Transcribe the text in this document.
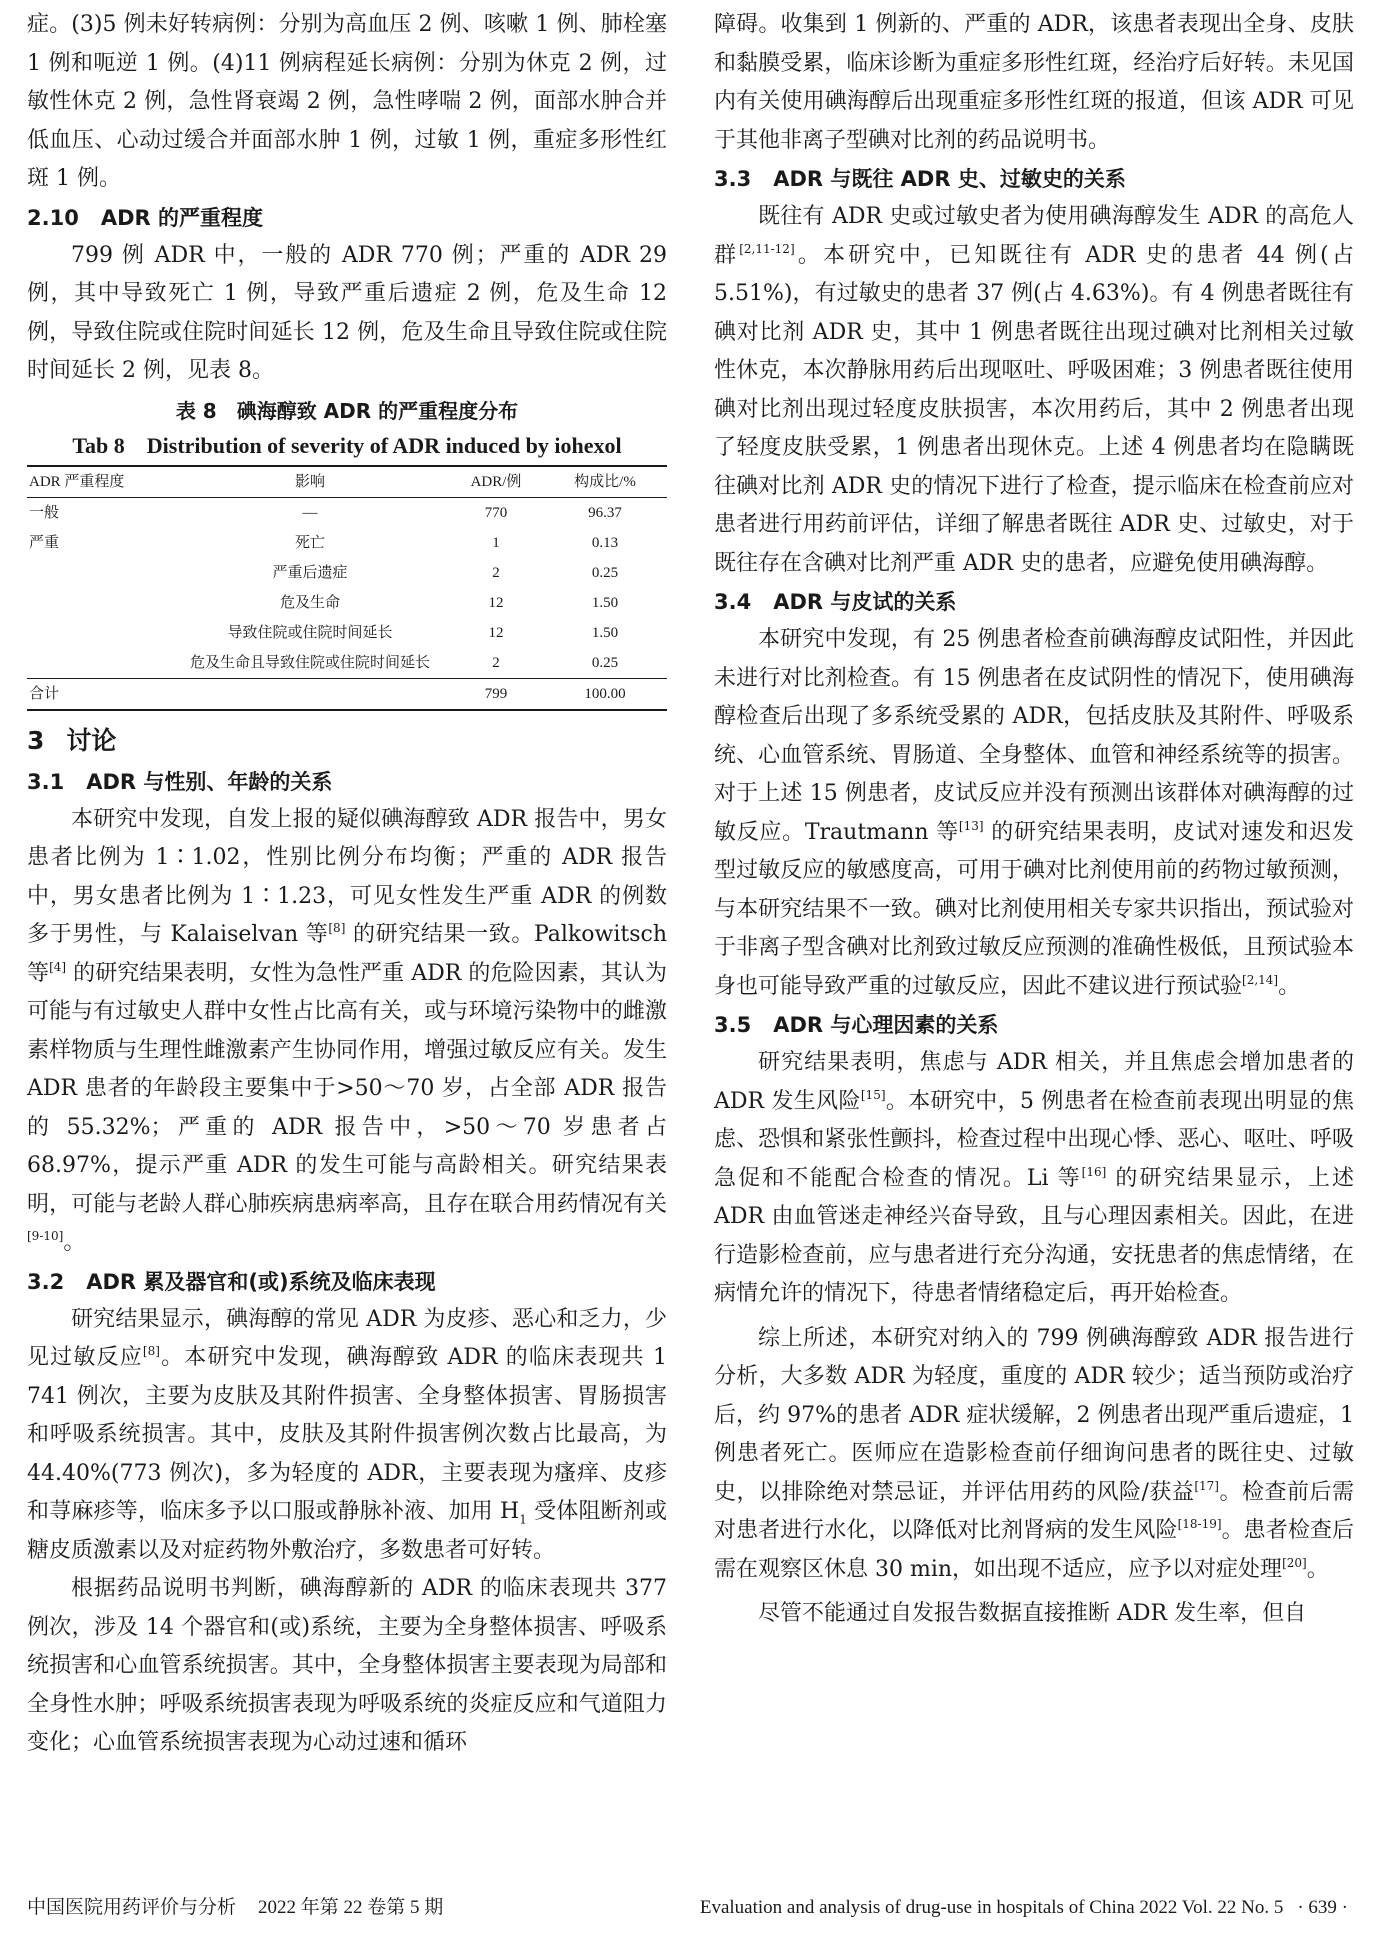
症。(3)5 例未好转病例：分别为高血压 2 例、咳嗽 1 例、肺栓塞 1 例和呃逆 1 例。(4)11 例病程延长病例：分别为休克 2 例，过敏性休克 2 例，急性肾衰竭 2 例，急性哮喘 2 例，面部水肿合并低血压、心动过缓合并面部水肿 1 例，过敏 1 例，重症多形性红斑 1 例。

2.10 ADR 的严重程度

799 例 ADR 中，一般的 ADR 770 例；严重的 ADR 29 例，其中导致死亡 1 例，导致严重后遗症 2 例，危及生命 12 例，导致住院或住院时间延长 12 例，危及生命且导致住院或住院时间延长 2 例，见表 8。

表 8　碘海醇致 ADR 的严重程度分布

Tab 8　Distribution of severity of ADR induced by iohexol

ADR 严重程度	影响	ADR/例	构成比/%
一般	—	770	96.37
严重	死亡	1	0.13
	严重后遗症	2	0.25
	危及生命	12	1.50
	导致住院或住院时间延长	12	1.50
	危及生命且导致住院或住院时间延长	2	0.25
合计		799	100.00
3 讨论
3.1 ADR 与性别、年龄的关系

本研究中发现，自发上报的疑似碘海醇致 ADR 报告中，男女患者比例为 1∶1.02，性别比例分布均衡；严重的 ADR 报告中，男女患者比例为 1∶1.23，可见女性发生严重 ADR 的例数多于男性，与 Kalaiselvan 等[8] 的研究结果一致。Palkowitsch 等[4] 的研究结果表明，女性为急性严重 ADR 的危险因素，其认为可能与有过敏史人群中女性占比高有关，或与环境污染物中的雌激素样物质与生理性雌激素产生协同作用，增强过敏反应有关。发生 ADR 患者的年龄段主要集中于>50～70 岁，占全部 ADR 报告的 55.32%；严重的 ADR 报告中，>50～70 岁患者占 68.97%，提示严重 ADR 的发生可能与高龄相关。研究结果表明，可能与老龄人群心肺疾病患病率高，且存在联合用药情况有关[9-10]。

3.2 ADR 累及器官和(或)系统及临床表现

研究结果显示，碘海醇的常见 ADR 为皮疹、恶心和乏力，少见过敏反应[8]。本研究中发现，碘海醇致 ADR 的临床表现共 1 741 例次，主要为皮肤及其附件损害、全身整体损害、胃肠损害和呼吸系统损害。其中，皮肤及其附件损害例次数占比最高，为 44.40%(773 例次)，多为轻度的 ADR，主要表现为瘙痒、皮疹和荨麻疹等，临床多予以口服或静脉补液、加用 $H_1$ 受体阻断剂或糖皮质激素以及对症药物外敷治疗，多数患者可好转。

根据药品说明书判断，碘海醇新的 ADR 的临床表现共 377 例次，涉及 14 个器官和(或)系统，主要为全身整体损害、呼吸系统损害和心血管系统损害。其中，全身整体损害主要表现为局部和全身性水肿；呼吸系统损害表现为呼吸系统的炎症反应和气道阻力变化；心血管系统损害表现为心动过速和循环

障碍。收集到 1 例新的、严重的 ADR，该患者表现出全身、皮肤和黏膜受累，临床诊断为重症多形性红斑，经治疗后好转。未见国内有关使用碘海醇后出现重症多形性红斑的报道，但该 ADR 可见于其他非离子型碘对比剂的药品说明书。

3.3 ADR 与既往 ADR 史、过敏史的关系

既往有 ADR 史或过敏史者为使用碘海醇发生 ADR 的高危人群[2,11-12]。本研究中，已知既往有 ADR 史的患者 44 例(占 5.51%)，有过敏史的患者 37 例(占 4.63%)。有 4 例患者既往有碘对比剂 ADR 史，其中 1 例患者既往出现过碘对比剂相关过敏性休克，本次静脉用药后出现呕吐、呼吸困难；3 例患者既往使用碘对比剂出现过轻度皮肤损害，本次用药后，其中 2 例患者出现了轻度皮肤受累，1 例患者出现休克。上述 4 例患者均在隐瞒既往碘对比剂 ADR 史的情况下进行了检查，提示临床在检查前应对患者进行用药前评估，详细了解患者既往 ADR 史、过敏史，对于既往存在含碘对比剂严重 ADR 史的患者，应避免使用碘海醇。

3.4 ADR 与皮试的关系

本研究中发现，有 25 例患者检查前碘海醇皮试阳性，并因此未进行对比剂检查。有 15 例患者在皮试阴性的情况下，使用碘海醇检查后出现了多系统受累的 ADR，包括皮肤及其附件、呼吸系统、心血管系统、胃肠道、全身整体、血管和神经系统等的损害。对于上述 15 例患者，皮试反应并没有预测出该群体对碘海醇的过敏反应。Trautmann 等[13] 的研究结果表明，皮试对速发和迟发型过敏反应的敏感度高，可用于碘对比剂使用前的药物过敏预测，与本研究结果不一致。碘对比剂使用相关专家共识指出，预试验对于非离子型含碘对比剂致过敏反应预测的准确性极低，且预试验本身也可能导致严重的过敏反应，因此不建议进行预试验[2,14]。

3.5 ADR 与心理因素的关系

研究结果表明，焦虑与 ADR 相关，并且焦虑会增加患者的 ADR 发生风险[15]。本研究中，5 例患者在检查前表现出明显的焦虑、恐惧和紧张性颤抖，检查过程中出现心悸、恶心、呕吐、呼吸急促和不能配合检查的情况。Li 等[16] 的研究结果显示，上述 ADR 由血管迷走神经兴奋导致，且与心理因素相关。因此，在进行造影检查前，应与患者进行充分沟通，安抚患者的焦虑情绪，在病情允许的情况下，待患者情绪稳定后，再开始检查。

综上所述，本研究对纳入的 799 例碘海醇致 ADR 报告进行分析，大多数 ADR 为轻度，重度的 ADR 较少；适当预防或治疗后，约 97%的患者 ADR 症状缓解，2 例患者出现严重后遗症，1 例患者死亡。医师应在造影检查前仔细询问患者的既往史、过敏史，以排除绝对禁忌证，并评估用药的风险/获益[17]。检查前后需对患者进行水化，以降低对比剂肾病的发生风险[18-19]。患者检查后需在观察区休息 30 min，如出现不适应，应予以对症处理[20]。

尽管不能通过自发报告数据直接推断 ADR 发生率，但自

中国医院用药评价与分析 2022 年第 22 卷第 5 期	Evaluation and analysis of drug-use in hospitals of China 2022 Vol. 22 No. 5 · 639 ·
